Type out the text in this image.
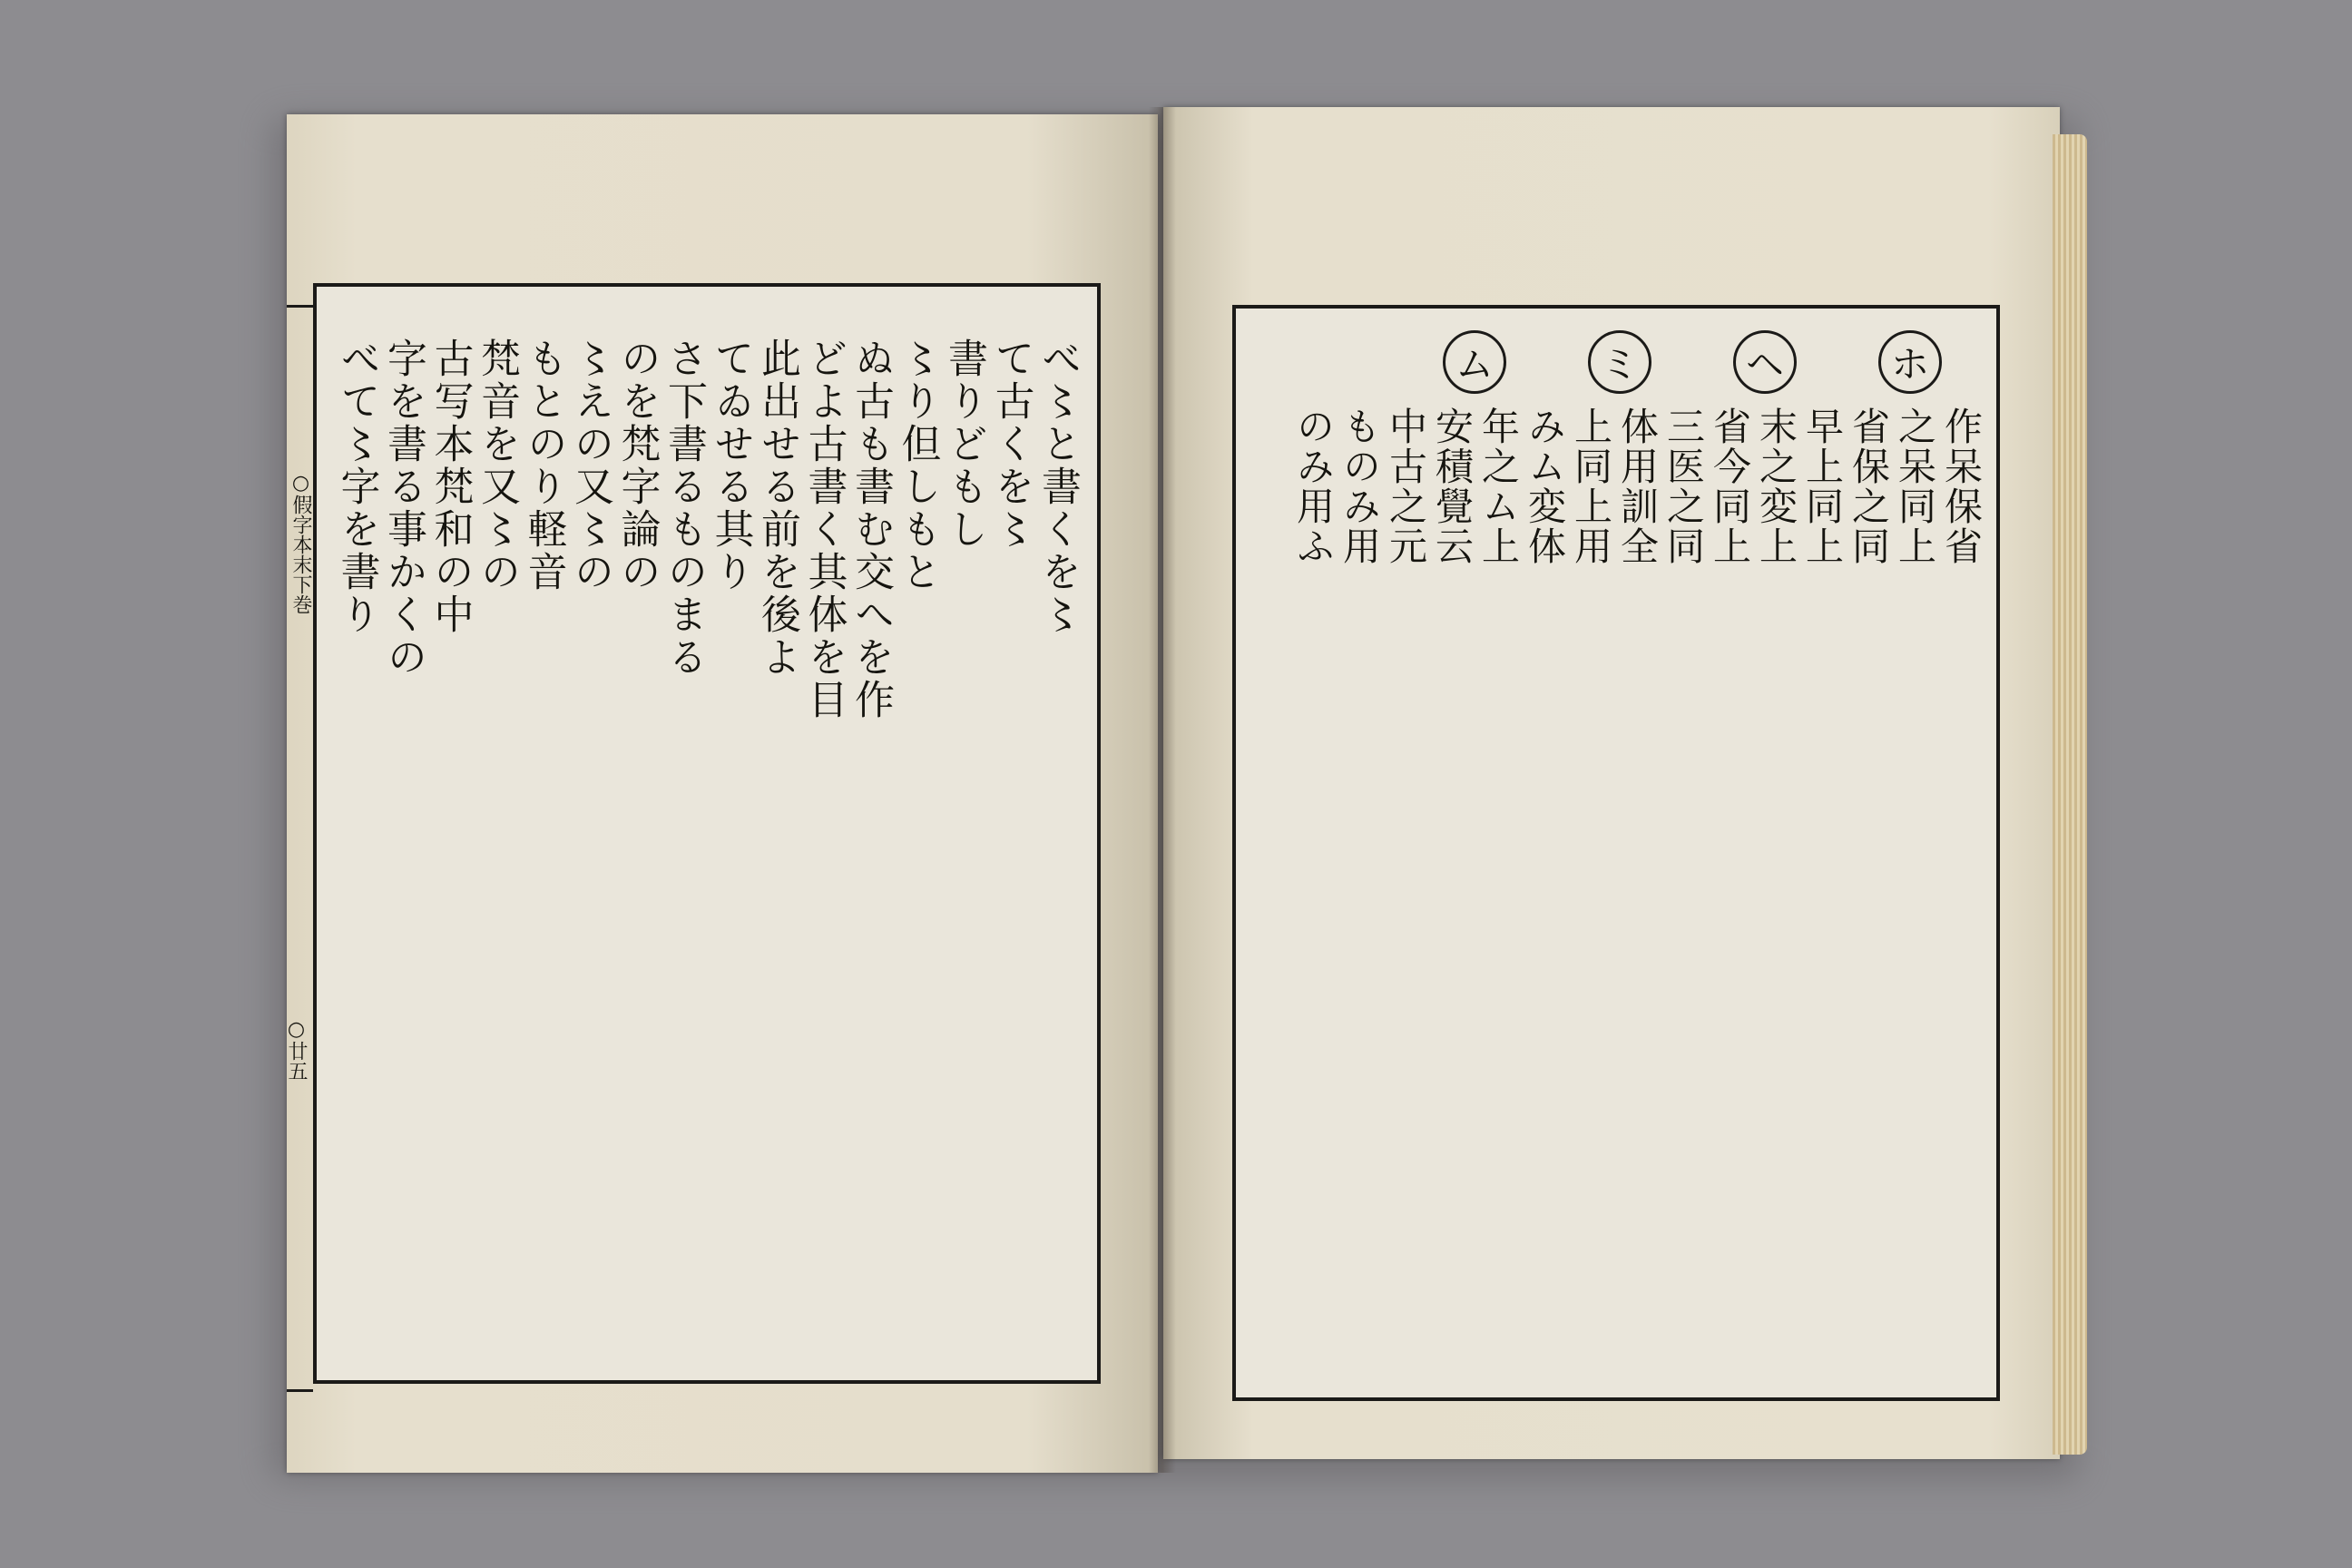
○假字本末下巻
○廿五
べ〻と書くを〻
て古くを〻
書りどもし
〻り但しもと
ぬ古も書む交へを作
どよ古書く其体を目
此出せる前を後よ
てゐせる其り
さ下書るものまる
のを梵字論の
〻えの又〻の
もとのり軽音
梵音を又〻の
古写本梵和の中
字を書る事かくの
べて〻字を書り	ホ
ヘ
ミ
ム
作呆保省
之呆同上
省保之同
早上同上
末之変上
省今同上
三医之同
体用訓全
上同上用
みム変体
年之ム上
安積覺云
中古之元
ものみ用
のみ用ふ
